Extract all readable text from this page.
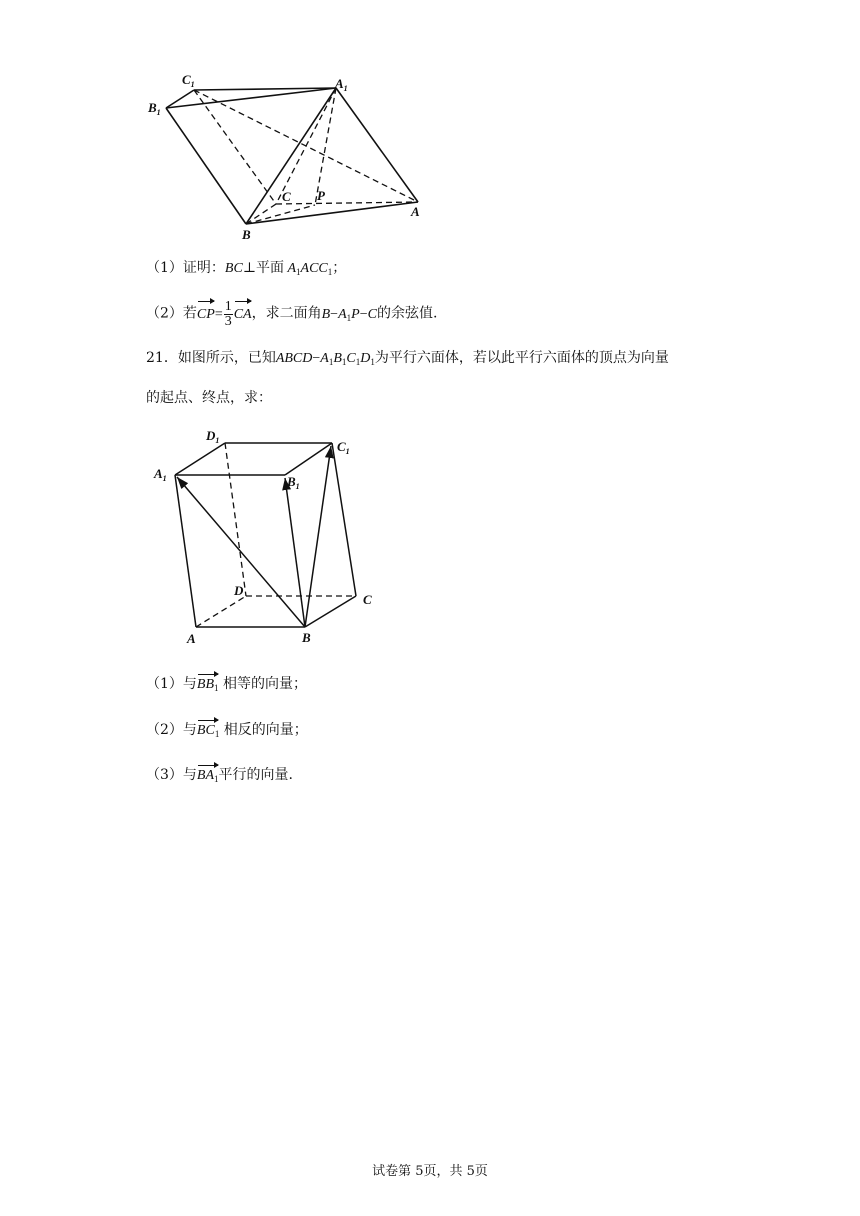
$C_1$	$A_1$
$B_1$
C P
A
B
（1）证明：BC⊥平面 $A_1ACC_1$；
（2）若$CP= \frac{1}{3}$ CA，求二面角$B-A_1P-C$的余弦值.
21．如图所示，已知$ABCD-A_1B_1C_1D_1$为平行六面体，若以此平行六面体的顶点为向量
的起点、终点，求：
$D_1$	$C_1$
$A_1$	$B_1$
D
C
A	B
（1）与$BB_1$ 相等的向量；
（2）与$BC_1$ 相反的向量；
（3）与$BA_1$平行的向量.
试卷第 5页，共 5页
